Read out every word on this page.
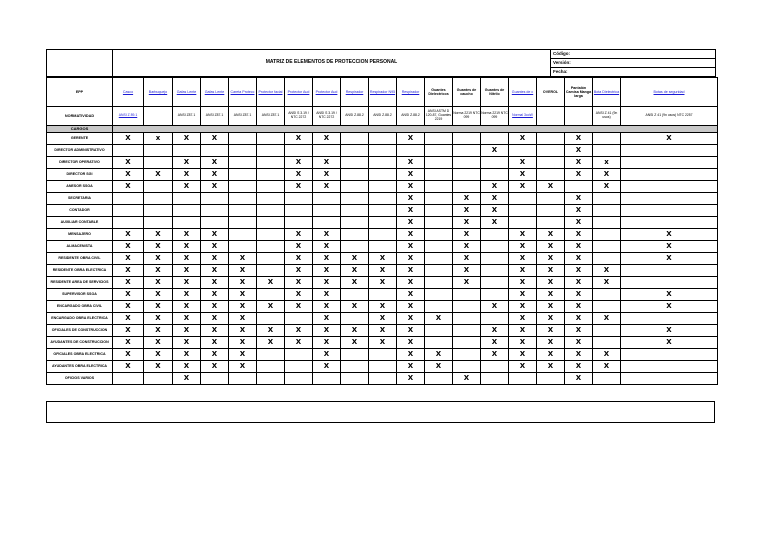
	MATRIZ DE ELEMENTOS DE PROTECCION PERSONAL	Código:
Versión:
Fecha:
EPP	Casco	Barbuquejo	Gafas Lente	Gafas Lente	Careta Protecc	Protector facial	Protector Aud	Protector Aud	Respirador	Respirador N95	Respirador	Guantes Dielectricos	Guantes de caucho	Guantes de Nitrilo	Guantes de c	OVEROL	Pantalón Camisa Manga larga	Bota Dielectrica	Botas de seguridad
NORMATIVIDAD	ANSI Z 89.1		ANSI Z87.1	ANSI Z87.1	ANSI Z87.1	ANSI Z87.1	ANSI S 3.19 / NTC 2272	ANSI S 3.19 / NTC 2272	ANSI Z.88.2	ANSI Z.88.2	ANSI Z.88.2	ANSI ASTM D 120-87, Guantes 2219	Norma 2219 NTC 099	Norma 2219 NTC 099	Normal 3ooW			ANSI Z 41 (9n usos)	ANSI Z 41 (9n usos) NTC 2257
CARGOS																			
GERENTE	X	x	X	X			X	X			X				X		X		X
DIRECTOR ADMINISTRATIVO														X			X		
DIRECTOR OPERATIVO	X		X	X			X	X			X				X		X	x	
DIRECTOR SGI	X	X	X	X			X	X			X				X		X	X	
ANESOR SSOA	X		X	X			X	X			X			X	X	X		X	
SECRETARIA											X		X	X			X		
CONTADOR											X		X	X			X		
AUXILIAR CONTABLE											X		X	X			X		
MENSAJERO	X	X	X	X			X	X			X		X		X	X	X		X
ALMACENISTA	X	X	X	X			X	X			X		X		X	X	X		X
RESIDENTE OBRA CIVIL	X	X	X	X	X		X	X	X	X	X		X		X	X	X		X
RESIDENTE OBRA ELECTRICA	X	X	X	X	X		X	X	X	X	X		X		X	X	X	X	
RESIDENTE AREA DE SERVICIOS	X	X	X	X	X	X	X	X	X	X	X		X		X	X	X	X	
SUPERVISOR SSOA	X	X	X	X	X		X	X			X				X	X	X		X
ENCARGADO OBRA CIVIL	X	X	X	X	X	X	X	X	X	X	X			X	X	X	X		X
ENCARGADO OBRA ELECTRICA	X	X	X	X	X			X		X	X	X			X	X	X	X	
OFICIALES DE CONSTRUCCION	X	X	X	X	X	X	X	X	X	X	X			X	X	X	X		X
AYUDANTES DE CONSTRUCCION	X	X	X	X	X	X	X	X	X	X	X			X	X	X	X		X
OFICIALES OBRA ELECTRICA	X	X	X	X	X			X			X	X		X	X	X	X	X	
AYUDANTES OBRA ELECTRICA	X	X	X	X	X			X			X	X			X	X	X	X	
OFICIOS VARIOS			X								X		X				X		
